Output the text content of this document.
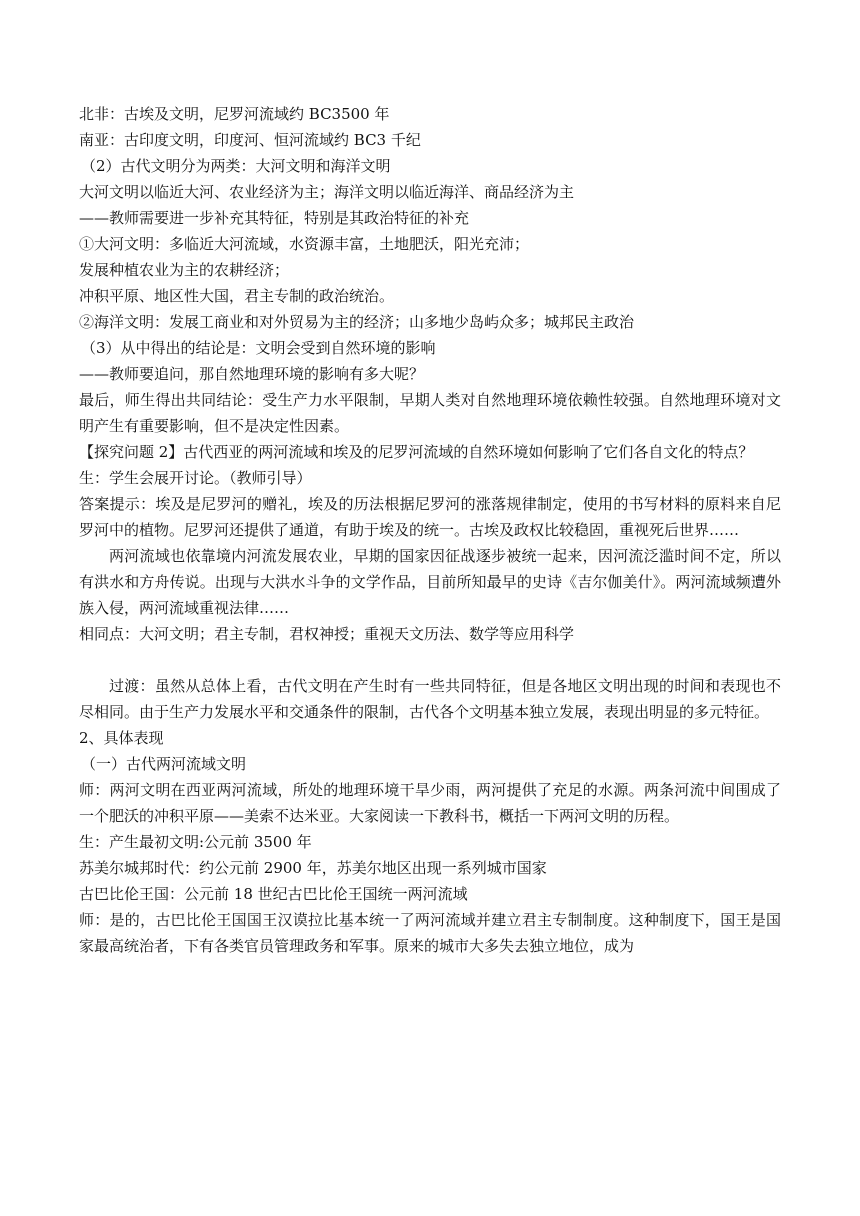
北非：古埃及文明，尼罗河流域约 BC3500 年

南亚：古印度文明，印度河、恒河流域约 BC3 千纪

（2）古代文明分为两类：大河文明和海洋文明

大河文明以临近大河、农业经济为主；海洋文明以临近海洋、商品经济为主

——教师需要进一步补充其特征，特别是其政治特征的补充

①大河文明：多临近大河流域，水资源丰富，土地肥沃，阳光充沛；

发展种植农业为主的农耕经济；

冲积平原、地区性大国，君主专制的政治统治。

②海洋文明：发展工商业和对外贸易为主的经济；山多地少岛屿众多；城邦民主政治

（3）从中得出的结论是：文明会受到自然环境的影响

——教师要追问，那自然地理环境的影响有多大呢？

最后，师生得出共同结论：受生产力水平限制，早期人类对自然地理环境依赖性较强。自然地理环境对文明产生有重要影响，但不是决定性因素。

【探究问题 2】古代西亚的两河流域和埃及的尼罗河流域的自然环境如何影响了它们各自文化的特点？

生：学生会展开讨论。（教师引导）

答案提示：埃及是尼罗河的赠礼，埃及的历法根据尼罗河的涨落规律制定，使用的书写材料的原料来自尼罗河中的植物。尼罗河还提供了通道，有助于埃及的统一。古埃及政权比较稳固，重视死后世界……

两河流域也依靠境内河流发展农业，早期的国家因征战逐步被统一起来，因河流泛滥时间不定，所以有洪水和方舟传说。出现与大洪水斗争的文学作品，目前所知最早的史诗《吉尔伽美什》。两河流域频遭外族入侵，两河流域重视法律……

相同点：大河文明；君主专制，君权神授；重视天文历法、数学等应用科学

过渡：虽然从总体上看，古代文明在产生时有一些共同特征，但是各地区文明出现的时间和表现也不尽相同。由于生产力发展水平和交通条件的限制，古代各个文明基本独立发展，表现出明显的多元特征。

2、具体表现

（一）古代两河流域文明

师：两河文明在西亚两河流域，所处的地理环境干旱少雨，两河提供了充足的水源。两条河流中间围成了一个肥沃的冲积平原——美索不达米亚。大家阅读一下教科书，概括一下两河文明的历程。

生：产生最初文明:公元前 3500 年

苏美尔城邦时代：约公元前 2900 年，苏美尔地区出现一系列城市国家

古巴比伦王国：公元前 18 世纪古巴比伦王国统一两河流域

师：是的，古巴比伦王国国王汉谟拉比基本统一了两河流域并建立君主专制制度。这种制度下，国王是国家最高统治者，下有各类官员管理政务和军事。原来的城市大多失去独立地位，成为
